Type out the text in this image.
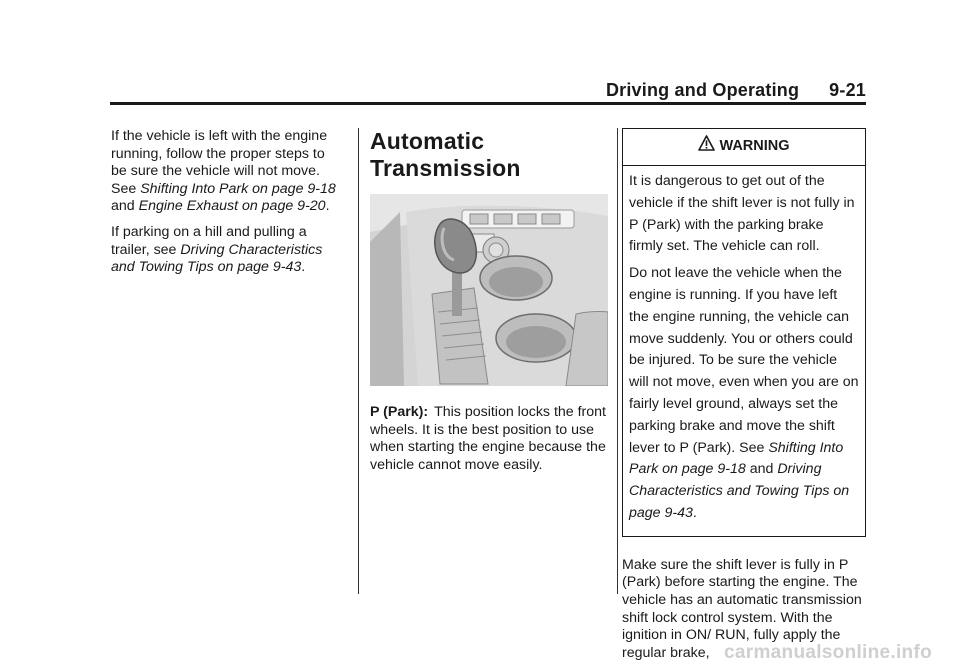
Driving and Operating 9-21

If the vehicle is left with the engine running, follow the proper steps to be sure the vehicle will not move. See Shifting Into Park on page 9-18 and Engine Exhaust on page 9-20.

If parking on a hill and pulling a trailer, see Driving Characteristics and Towing Tips on page 9-43.

Automatic Transmission
P (Park): This position locks the front wheels. It is the best position to use when starting the engine because the vehicle cannot move easily.
WARNING

It is dangerous to get out of the vehicle if the shift lever is not fully in P (Park) with the parking brake firmly set. The vehicle can roll.

Do not leave the vehicle when the engine is running. If you have left the engine running, the vehicle can move suddenly. You or others could be injured. To be sure the vehicle will not move, even when you are on fairly level ground, always set the parking brake and move the shift lever to P (Park). See Shifting Into Park on page 9-18 and Driving Characteristics and Towing Tips on page 9-43.

Make sure the shift lever is fully in P (Park) before starting the engine. The vehicle has an automatic transmission shift lock control system. With the ignition in ON/ RUN, fully apply the regular brake, carmanualsonline.info
